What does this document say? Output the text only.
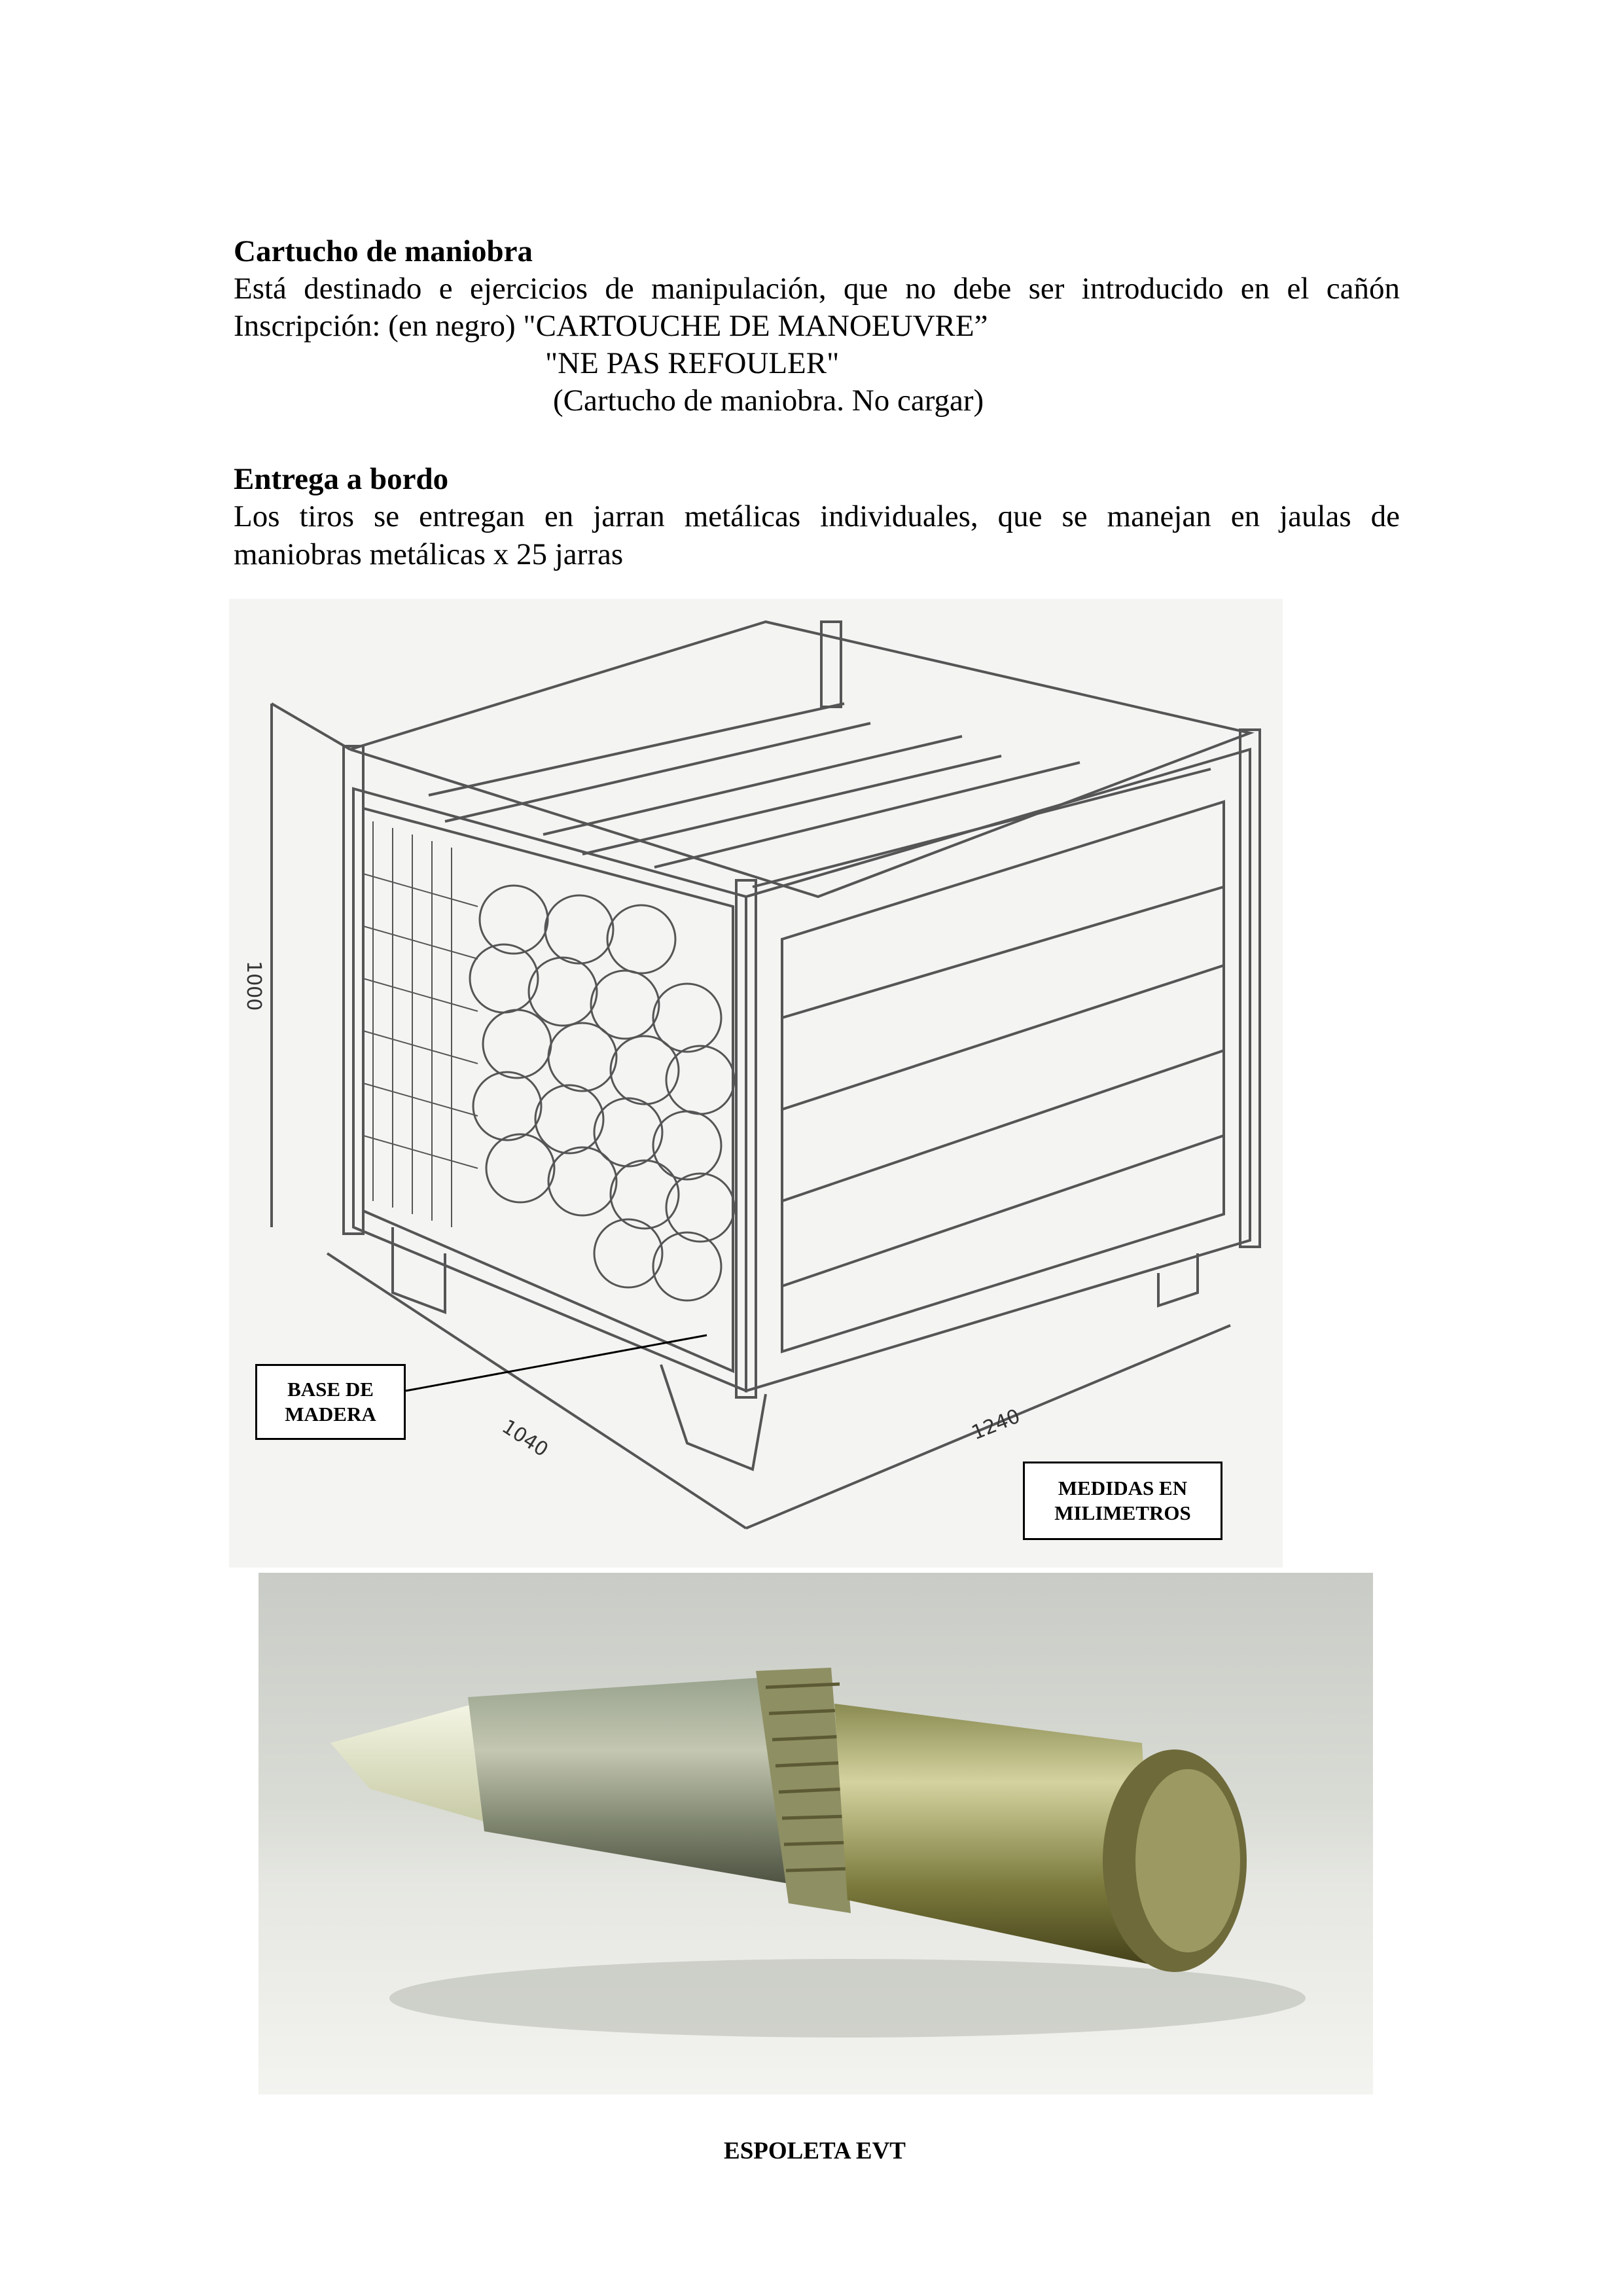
Cartucho de maniobra
Está destinado e ejercicios de manipulación, que no debe ser introducido en el cañón
Inscripción: (en negro) "CARTOUCHE DE MANOEUVRE”
"NE PAS REFOULER"
(Cartucho de maniobra. No cargar)
Entrega a bordo
Los tiros se entregan en jarran metálicas individuales, que se manejan en jaulas de
maniobras metálicas x 25 jarras
1000
1040	1240
BASE DE
MADERA
MEDIDAS EN
MILIMETROS
ESPOLETA EVT
